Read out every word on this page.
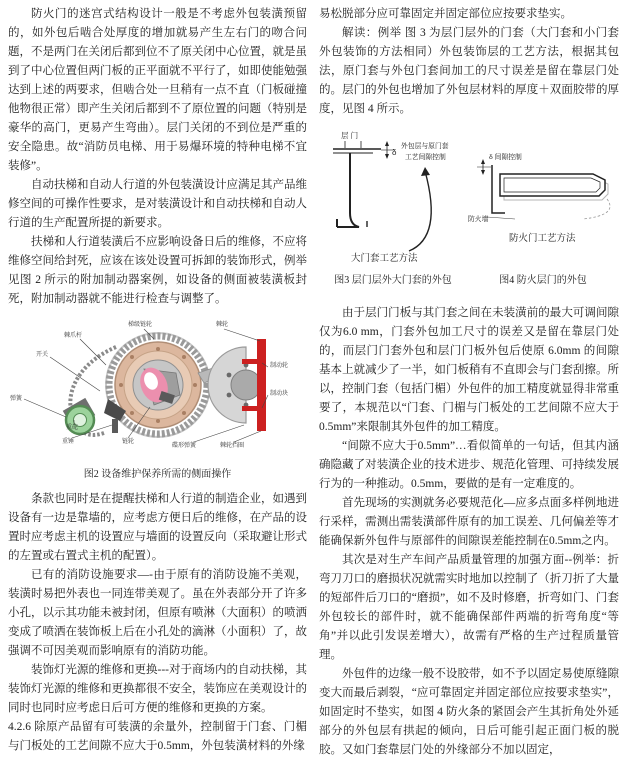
防火门的迷宫式结构设计一般是不考虑外包装潢预留的，如外包后啮合处厚度的增加就易产生左右门的吻合问题，不是两门在关闭后都到位不了原关闭中心位置，就是虽到了中心位置但两门板的正平面就不平行了，如即使能勉强达到上述的两要求，但啮合处一旦稍有一点不直（门板碰撞他物很正常）即产生关闭后都到不了原位置的问题（特别是豪华的高门，更易产生弯曲）。层门关闭的不到位是严重的安全隐患。故“消防员电梯、用于易爆环境的特种电梯不宜装修”。

自动扶梯和自动人行道的外包装潢设计应满足其产品维修空间的可操作性要求，是对装潢设计和自动扶梯和自动人行道的生产配置所提的新要求。

扶梯和人行道装潢后不应影响设备日后的维修，不应将维修空间给封死，应该在该处设置可拆卸的装饰形式，例举 见图 2 所示的附加制动器案例，如设备的侧面被装潢板封死，附加制动器就不能进行检查与调整了。

棘爪杆
梯级链轮	棘轮
开关
弹簧
重砣
重锤	链轮
制动轮
制动块
碟形弹簧	棘轮挡圈
图2 设备维护保养所需的侧面操作

条款也同时是在提醒扶梯和人行道的制造企业，如遇到设备有一边是靠墙的，应考虑方便日后的维修，在产品的设置时应考虑主机的设置应与墙面的设置反向（采取避让形式的左置或右置式主机的配置）。

已有的消防设施要求—-由于原有的消防设施不美观，装潢时易把外表也一同连带美观了。虽在外表部分开了许多小孔，以示其功能未被封闭，但原有喷淋（大面积）的喷洒变成了喷洒在装饰板上后在小孔处的滴淋（小面积）了，故强调不可因美观而影响原有的消防功能。

装饰灯光源的维修和更换---对于商场内的自动扶梯，其装饰灯光源的维修和更换都很不安全，装饰应在美观设计的同时也同时应考虑日后可方便的维修和更换的方案。

4.2.6 除原产品留有可装潢的余量外，控制留于门套、门楣与门板处的工艺间隙不应大于0.5mm，外包装潢材料的外缘

易松脱部分应可靠固定并固定部位应按要求垫实。

解读：例举 图 3 为层门层外的门套（大门套和小门套外包装饰的方法相同）外包装饰层的工艺方法，根据其包法，原门套与外包门套间加工的尺寸误差是留在靠层门处的。层门的外包也增加了外包层材料的厚度＋双面胶带的厚度，见图 4 所示。

层 门
δ
外包层与原门套
工艺间隙控制
大门套工艺方法
图3 层门层外大门套的外包
δ 间隙控制
防火墙
防火门工艺方法
图4 防火层门的外包

由于层门门板与其门套之间在未装潢前的最大可调间隙仅为6.0 mm，门套外包加工尺寸的误差又是留在靠层门处的，而层门门套外包和层门门板外包后使原 6.0mm 的间隙基本上就减少了一半，如门板稍有不直即会与门套刮擦。所以，控制门套（包括门楣）外包件的加工精度就显得非常重要了，本规范以“门套、门楣与门板处的工艺间隙不应大于0.5mm”来限制其外包件的加工精度。

“间隙不应大于0.5mm”…看似简单的一句话，但其内涵确隐藏了对装潢企业的技术进步、规范化管理、可持续发展行为的一种推动。0.5mm，要做的是有一定难度的。

首先现场的实测就务必要规范化—应多点面多样例地进行采样，需测出需装潢部件原有的加工误差、几何偏差等才能确保新外包件与原部件的间隙误差能控制在0.5mm之内。

其次是对生产车间产品质量管理的加强方面--例举：折弯刀刀口的磨损状况就需实时地加以控制了（折刀折了大量的短部件后刀口的“磨损”，如不及时修磨，折弯如门、门套外包较长的部件时，就不能确保部件两端的折弯角度“等角”并以此引发误差增大），故需有严格的生产过程质量管理。

外包件的边缘一般不设胶带，如不予以固定易使原缝隙变大而最后剥裂，“应可靠固定并固定部位应按要求垫实”，如固定时不垫实，如图 4 防火条的紧固会产生其折角处外延部分的外包层有拱起的倾向，日后可能引起正面门板的脱胶。又如门套靠层门处的外缘部分不加以固定，
